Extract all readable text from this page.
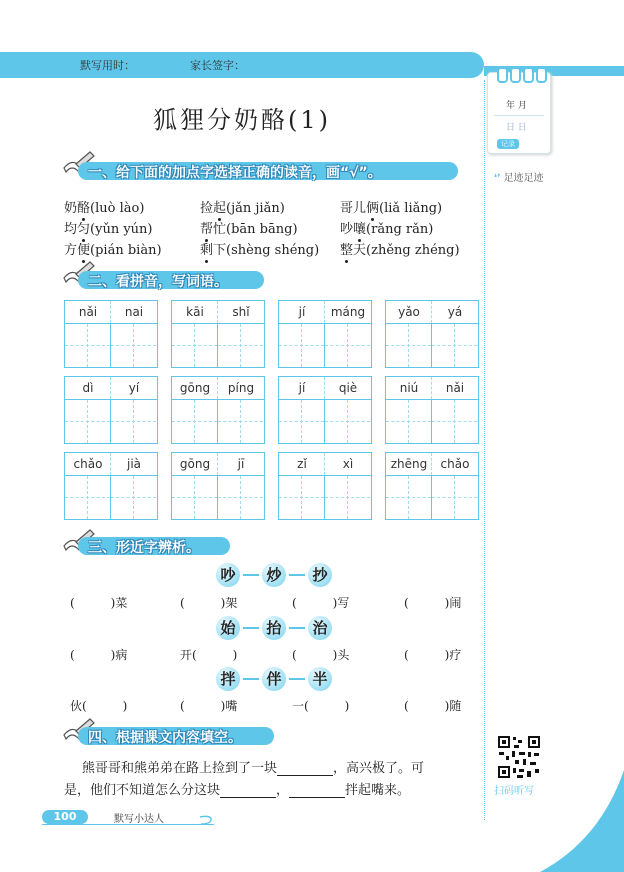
默写用时：	家长签字：
年 月
日 日
记录
❛❜ 足迹足迹
狐狸分奶酪(1)
一、给下面的加点字选择正确的读音，画“√”。
奶酪(luò lào)	捡起(jǎn jiǎn)	哥儿俩(liǎ liǎng)
均匀(yǔn yún)	帮忙(bān bāng)	吵嚷(rǎng rǎn)
方便(pián biàn)	剩下(shèng shéng) 整天(zhěng zhéng)
二、看拼音，写词语。
nǎi	nai	kāi	shǐ	jí	máng	yǎo	yá
dì	yí	gōng	píng	jí	qiè	niú	nǎi
chǎo	jià	gōng	jī	zǐ	xì	zhēng	chǎo
三、形近字辨析。
吵	炒	抄
(　　　)菜	(　　　)架	(　　　)写	(　　　)闹
始	抬	治
(　　　)病	开(　　　)	(　　　)头	(　　　)疗
拌	伴	半
伙(　　　)	(　　　)嘴	一(　　　)	(　　　)随
四、根据课文内容填空。
熊哥哥和熊弟弟在路上捡到了一块	，高兴极了。可
是，他们不知道怎么分这块	，	拌起嘴来。	扫码听写
100	默写小达人
